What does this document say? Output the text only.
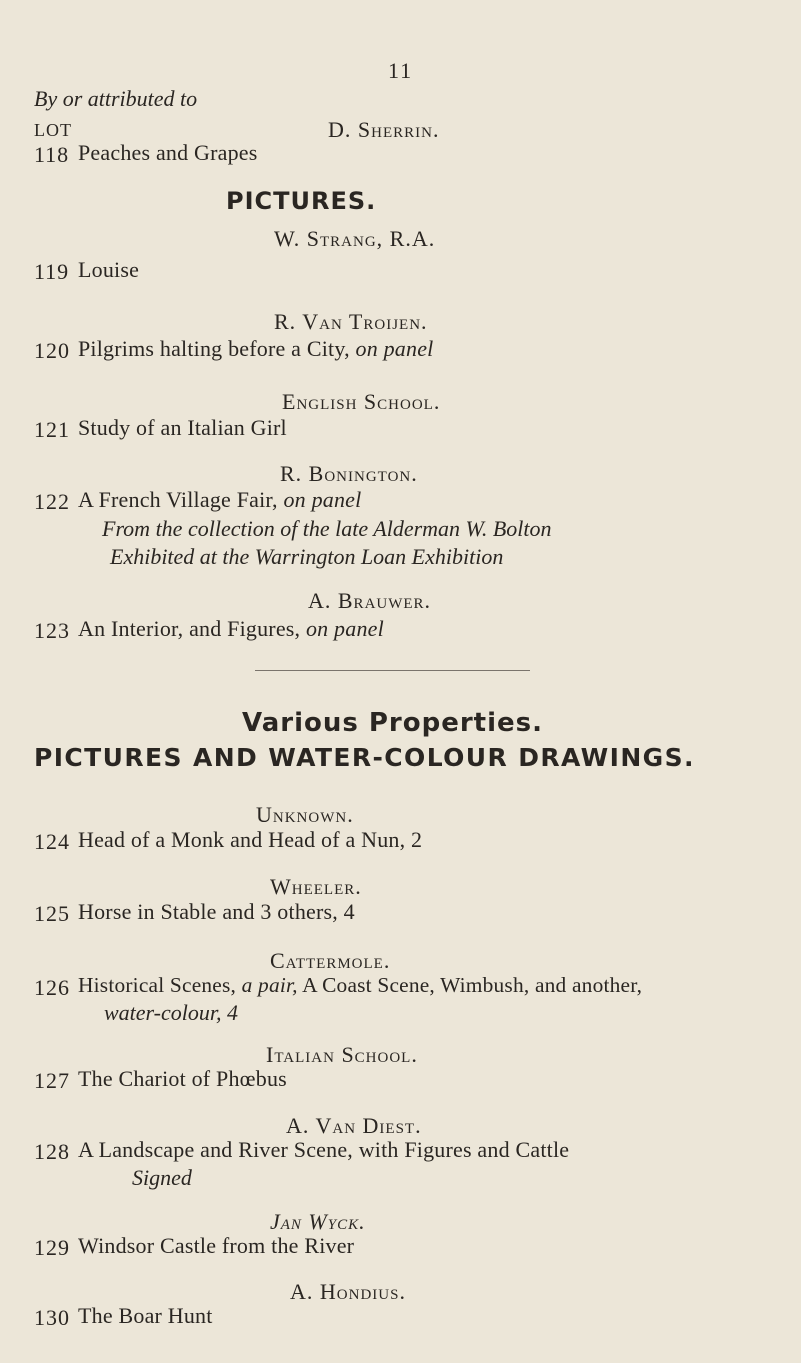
11
By or attributed to
LOT	D. Sherrin.
118 Peaches and Grapes
PICTURES.
W. Strang, R.A.
119 Louise
R. Van Troijen.
120 Pilgrims halting before a City, on panel
English School.
121 Study of an Italian Girl
R. Bonington.
122 A French Village Fair, on panel
From the collection of the late Alderman W. Bolton
Exhibited at the Warrington Loan Exhibition
A. Brauwer.
123 An Interior, and Figures, on panel
Various Properties.
PICTURES AND WATER-COLOUR DRAWINGS.
Unknown.
124 Head of a Monk and Head of a Nun, 2
Wheeler.
125 Horse in Stable and 3 others, 4
Cattermole.
126 Historical Scenes, a pair, A Coast Scene, Wimbush, and another,
water-colour, 4
Italian School.
127 The Chariot of Phœbus
A. Van Diest.
128 A Landscape and River Scene, with Figures and Cattle
Signed
Jan Wyck.
129 Windsor Castle from the River
A. Hondius.
130 The Boar Hunt
